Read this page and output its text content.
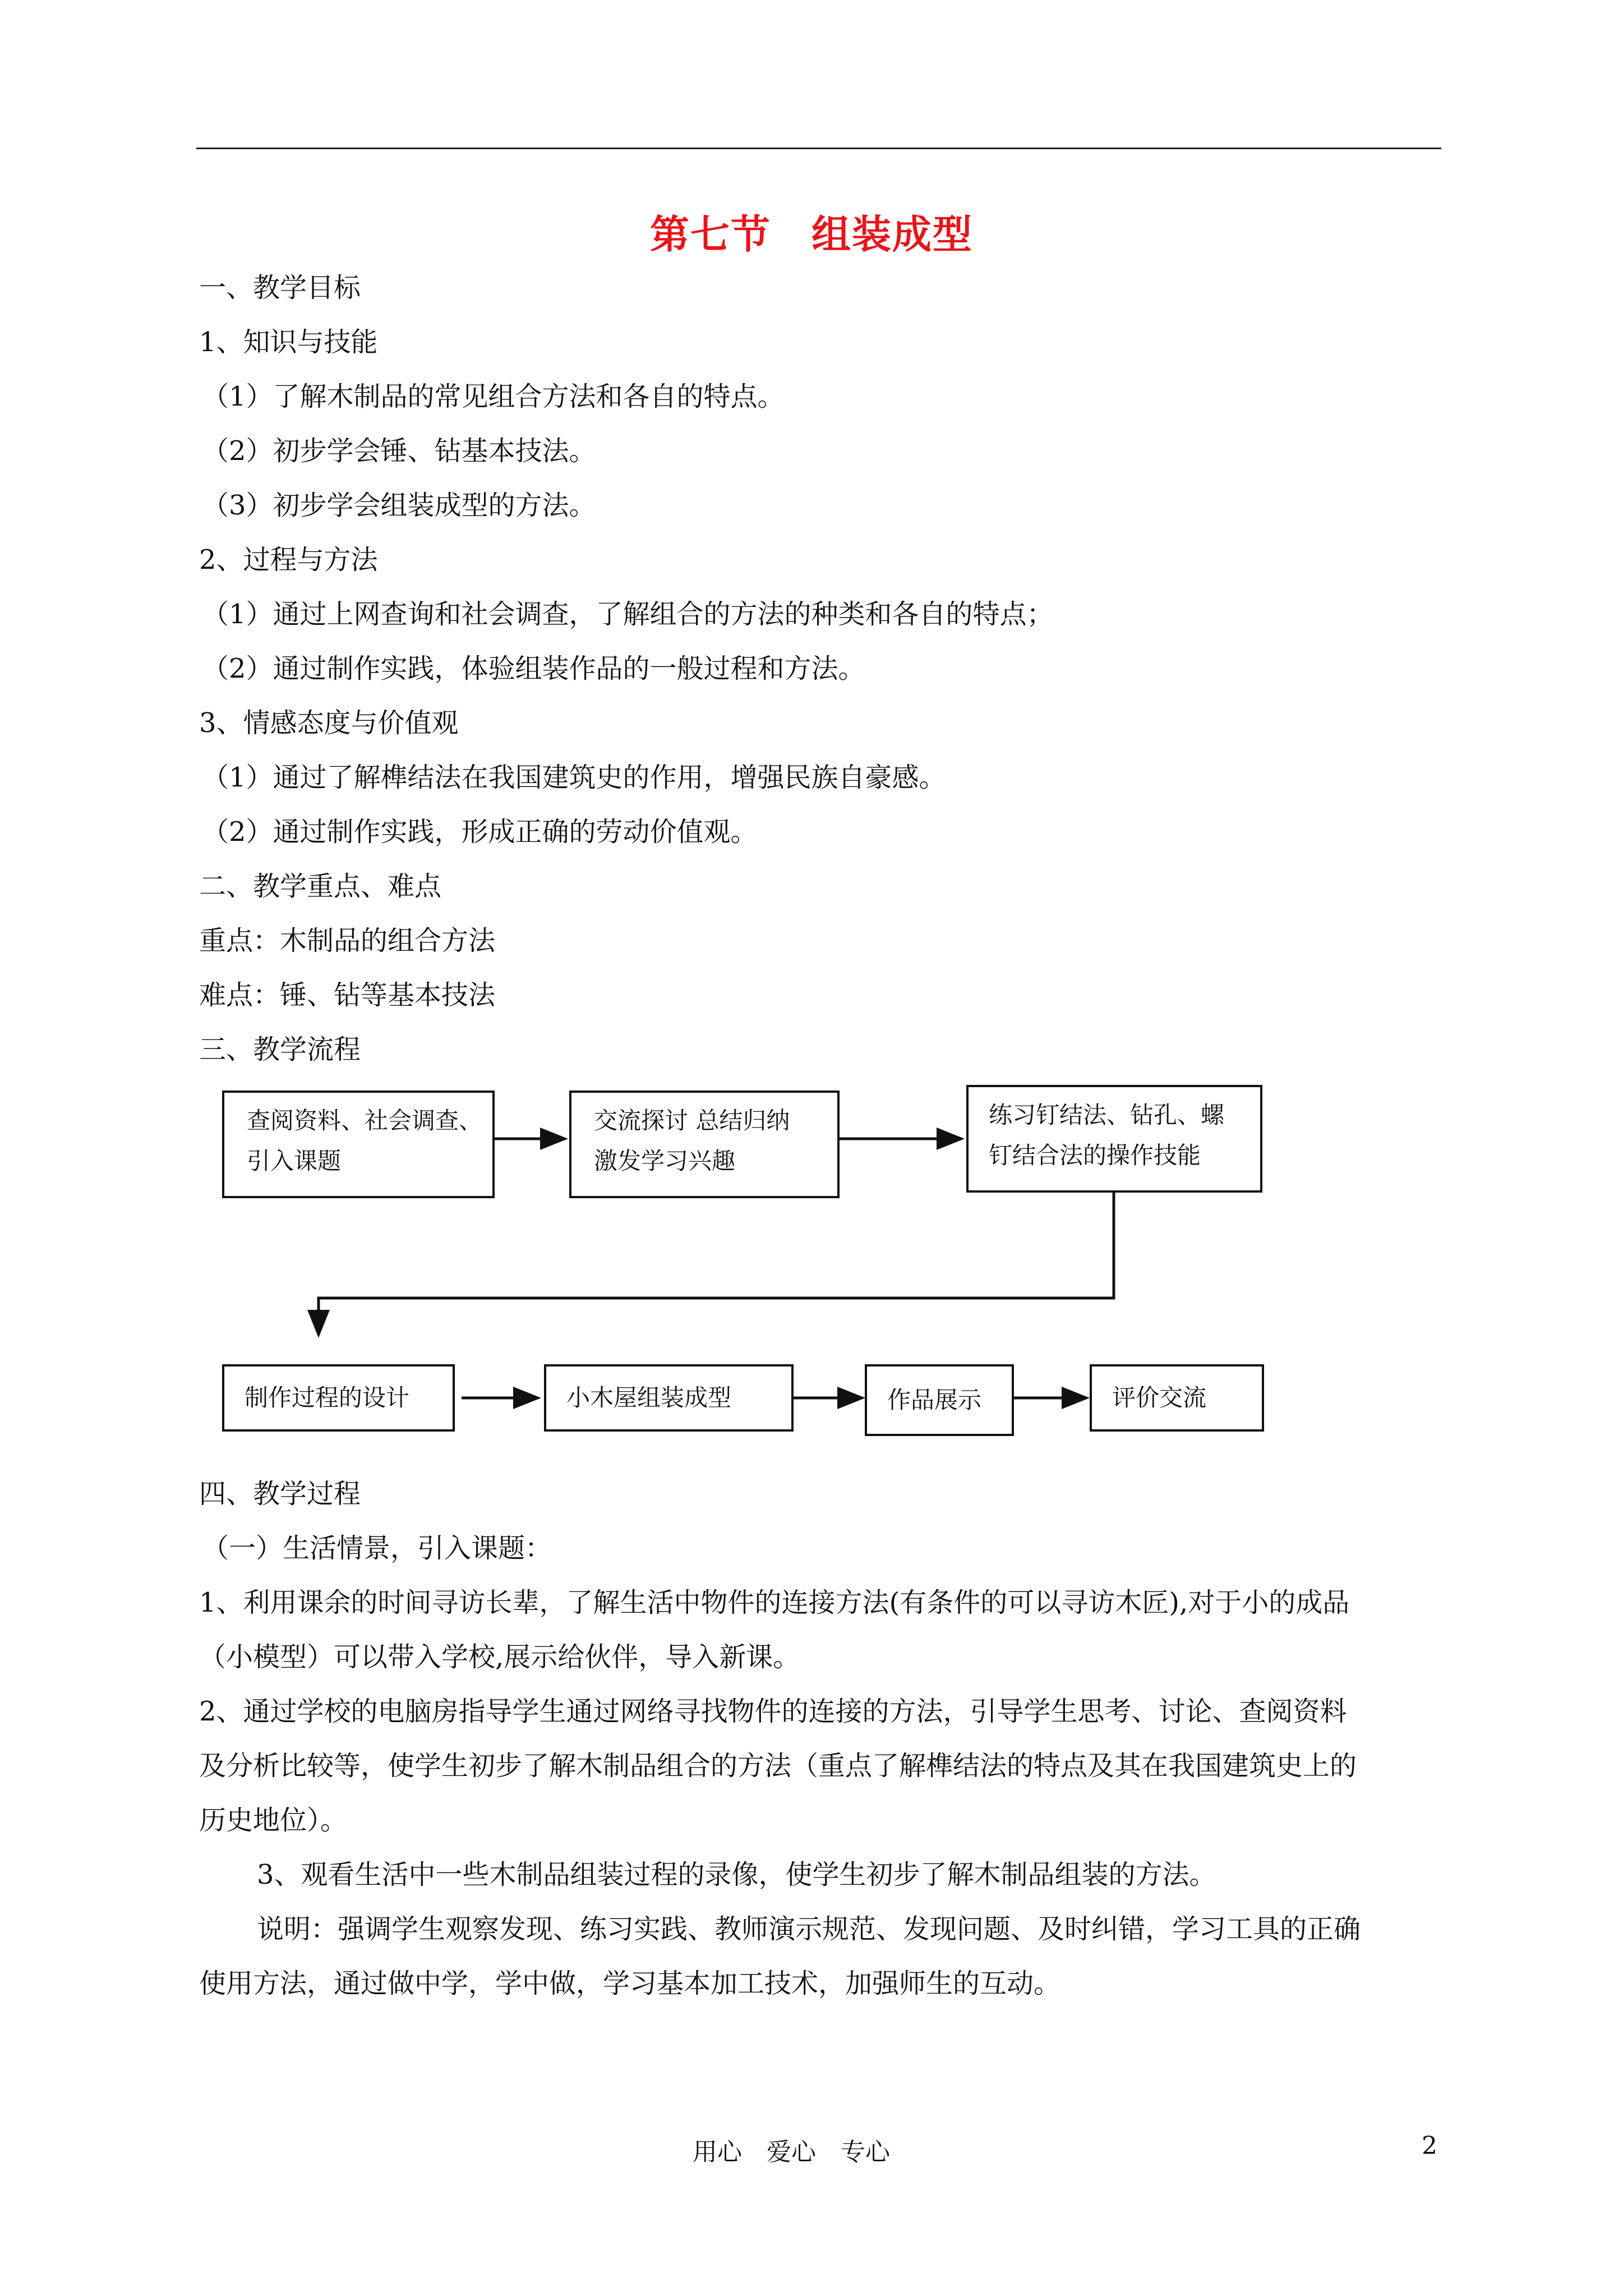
第七节　组装成型
一、教学目标
1、知识与技能
（1）了解木制品的常见组合方法和各自的特点。
（2）初步学会锤、钻基本技法。
（3）初步学会组装成型的方法。
2、过程与方法
（1）通过上网查询和社会调查，了解组合的方法的种类和各自的特点；
（2）通过制作实践，体验组装作品的一般过程和方法。
3、情感态度与价值观
（1）通过了解榫结法在我国建筑史的作用，增强民族自豪感。
（2）通过制作实践，形成正确的劳动价值观。
二、教学重点、难点
重点：木制品的组合方法
难点：锤、钻等基本技法
三、教学流程
查阅资料、社会调查、
引入课题
交流探讨 总结归纳
激发学习兴趣
练习钉结法、钻孔、螺
钉结合法的操作技能
制作过程的设计	小木屋组装成型	作品展示	评价交流
四、教学过程
（一）生活情景，引入课题：
1、利用课余的时间寻访长辈，了解生活中物件的连接方法(有条件的可以寻访木匠),对于小的成品
（小模型）可以带入学校,展示给伙伴，导入新课。
2、通过学校的电脑房指导学生通过网络寻找物件的连接的方法，引导学生思考、讨论、查阅资料
及分析比较等，使学生初步了解木制品组合的方法（重点了解榫结法的特点及其在我国建筑史上的
历史地位）。
3、观看生活中一些木制品组装过程的录像，使学生初步了解木制品组装的方法。
说明：强调学生观察发现、练习实践、教师演示规范、发现问题、及时纠错，学习工具的正确
使用方法，通过做中学，学中做，学习基本加工技术，加强师生的互动。
用心　爱心　专心	2
